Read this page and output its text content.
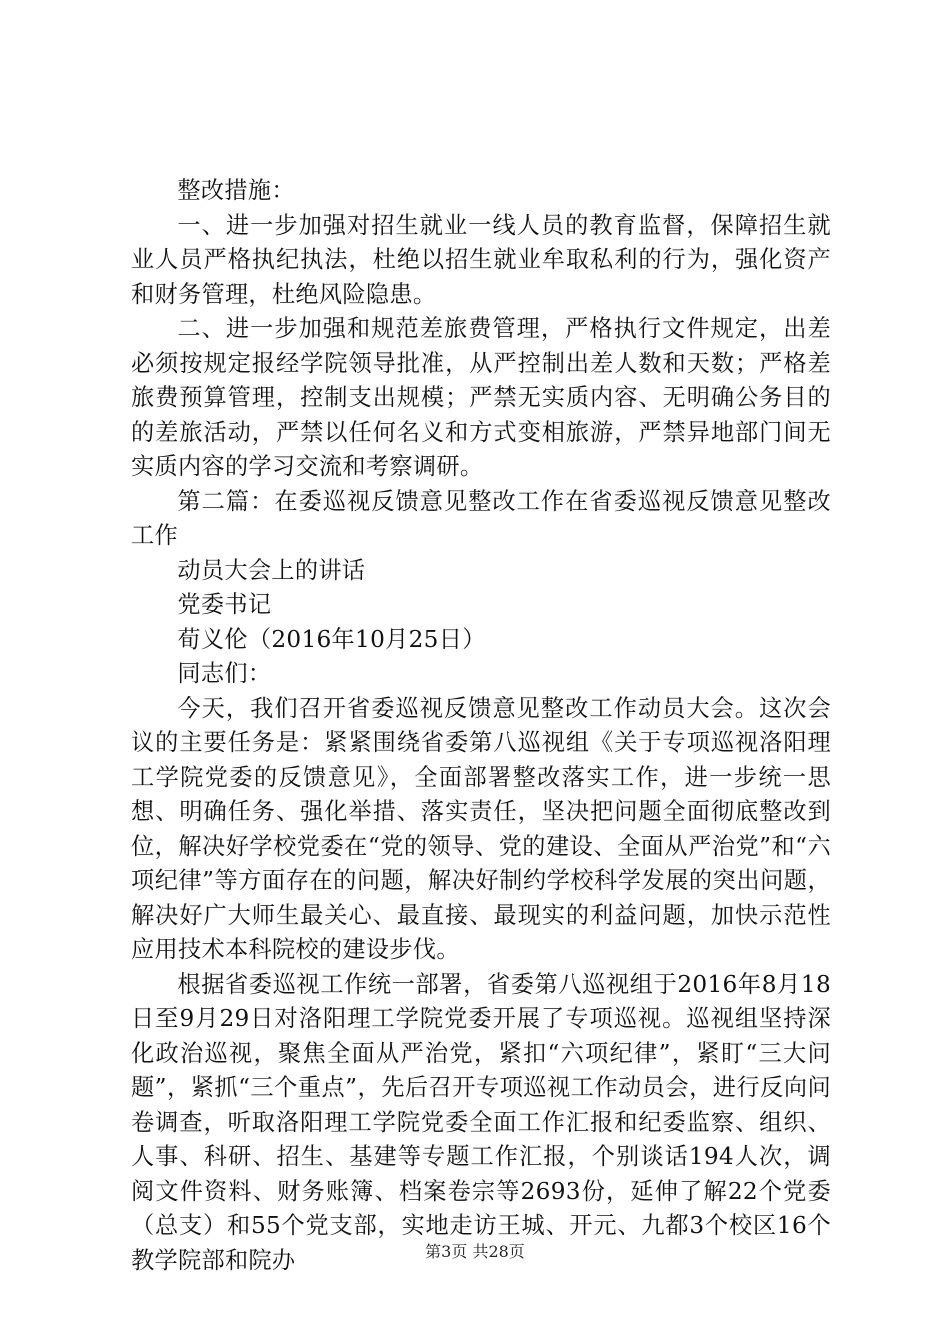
整改措施：

一、进一步加强对招生就业一线人员的教育监督，保障招生就业人员严格执纪执法，杜绝以招生就业牟取私利的行为，强化资产和财务管理，杜绝风险隐患。

二、进一步加强和规范差旅费管理，严格执行文件规定，出差必须按规定报经学院领导批准，从严控制出差人数和天数；严格差旅费预算管理，控制支出规模；严禁无实质内容、无明确公务目的的差旅活动，严禁以任何名义和方式变相旅游，严禁异地部门间无实质内容的学习交流和考察调研。

第二篇：在委巡视反馈意见整改工作在省委巡视反馈意见整改工作

动员大会上的讲话

党委书记

荀义伦（2016年10月25日）

同志们：

今天，我们召开省委巡视反馈意见整改工作动员大会。这次会议的主要任务是：紧紧围绕省委第八巡视组《关于专项巡视洛阳理工学院党委的反馈意见》，全面部署整改落实工作，进一步统一思想、明确任务、强化举措、落实责任，坚决把问题全面彻底整改到位，解决好学校党委在“党的领导、党的建设、全面从严治党”和“六项纪律”等方面存在的问题，解决好制约学校科学发展的突出问题，解决好广大师生最关心、最直接、最现实的利益问题，加快示范性应用技术本科院校的建设步伐。

根据省委巡视工作统一部署，省委第八巡视组于2016年8月18日至9月29日对洛阳理工学院党委开展了专项巡视。巡视组坚持深化政治巡视，聚焦全面从严治党，紧扣“六项纪律”，紧盯“三大问题”，紧抓“三个重点”，先后召开专项巡视工作动员会，进行反向问卷调查，听取洛阳理工学院党委全面工作汇报和纪委监察、组织、人事、科研、招生、基建等专题工作汇报，个别谈话194人次，调阅文件资料、财务账簿、档案卷宗等2693份，延伸了解22个党委（总支）和55个党支部，实地走访王城、开元、九都3个校区16个教学院部和院办	第3页 共28页
